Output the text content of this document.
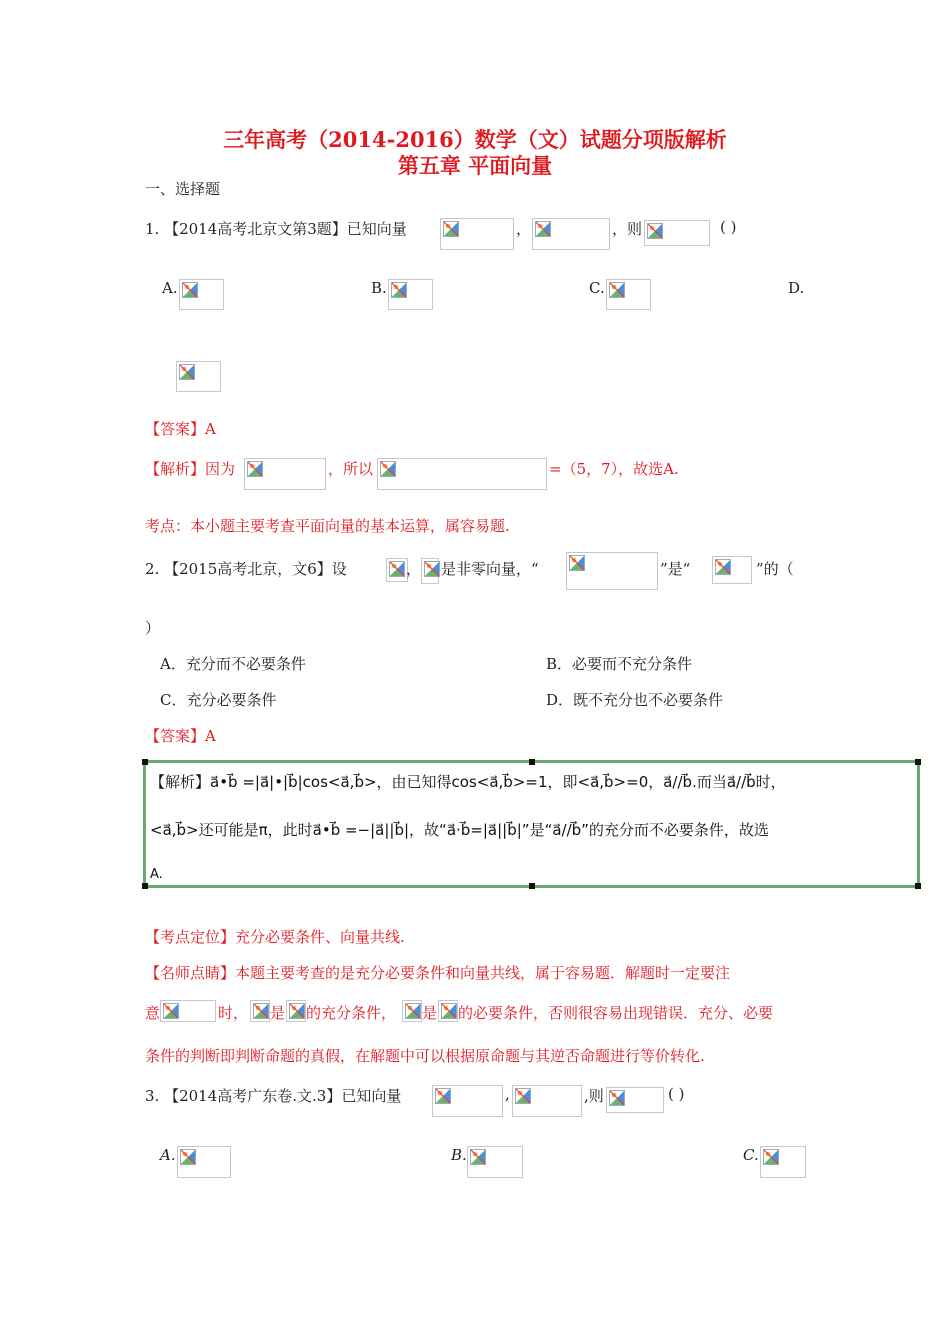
三年高考（2014-2016）数学（文）试题分项版解析
第五章 平面向量
一、选择题
1. 【2014高考北京文第3题】已知向量	，	，则	( )
A.	B.	C.	D.
【答案】A
【解析】因为	，所以	=（5，7），故选A.
考点：本小题主要考查平面向量的基本运算，属容易题.
2. 【2015高考北京，文6】设	， 是非零向量，“	”是“	”的（
）
A．充分而不必要条件	B．必要而不充分条件
C．充分必要条件	D．既不充分也不必要条件
【答案】A
【解析】a⃗•b⃗ =|a⃗|•|b⃗|cos<a⃗,b⃗>，由已知得cos<a⃗,b⃗>=1，即<a⃗,b⃗>=0，a⃗//b⃗.而当a⃗//b⃗时，
<a⃗,b⃗>还可能是π，此时a⃗•b⃗ =−|a⃗||b⃗|，故“a⃗·b⃗=|a⃗||b⃗|”是“a⃗//b⃗”的充分而不必要条件，故选
A.
【考点定位】充分必要条件、向量共线.
【名师点睛】本题主要考查的是充分必要条件和向量共线，属于容易题．解题时一定要注
意	时， 是 的充分条件， 是 的必要条件，否则很容易出现错误．充分、必要
条件的判断即判断命题的真假，在解题中可以根据原命题与其逆否命题进行等价转化.
3. 【2014高考广东卷.文.3】已知向量	,	,则	( )
A.	B.	C.
